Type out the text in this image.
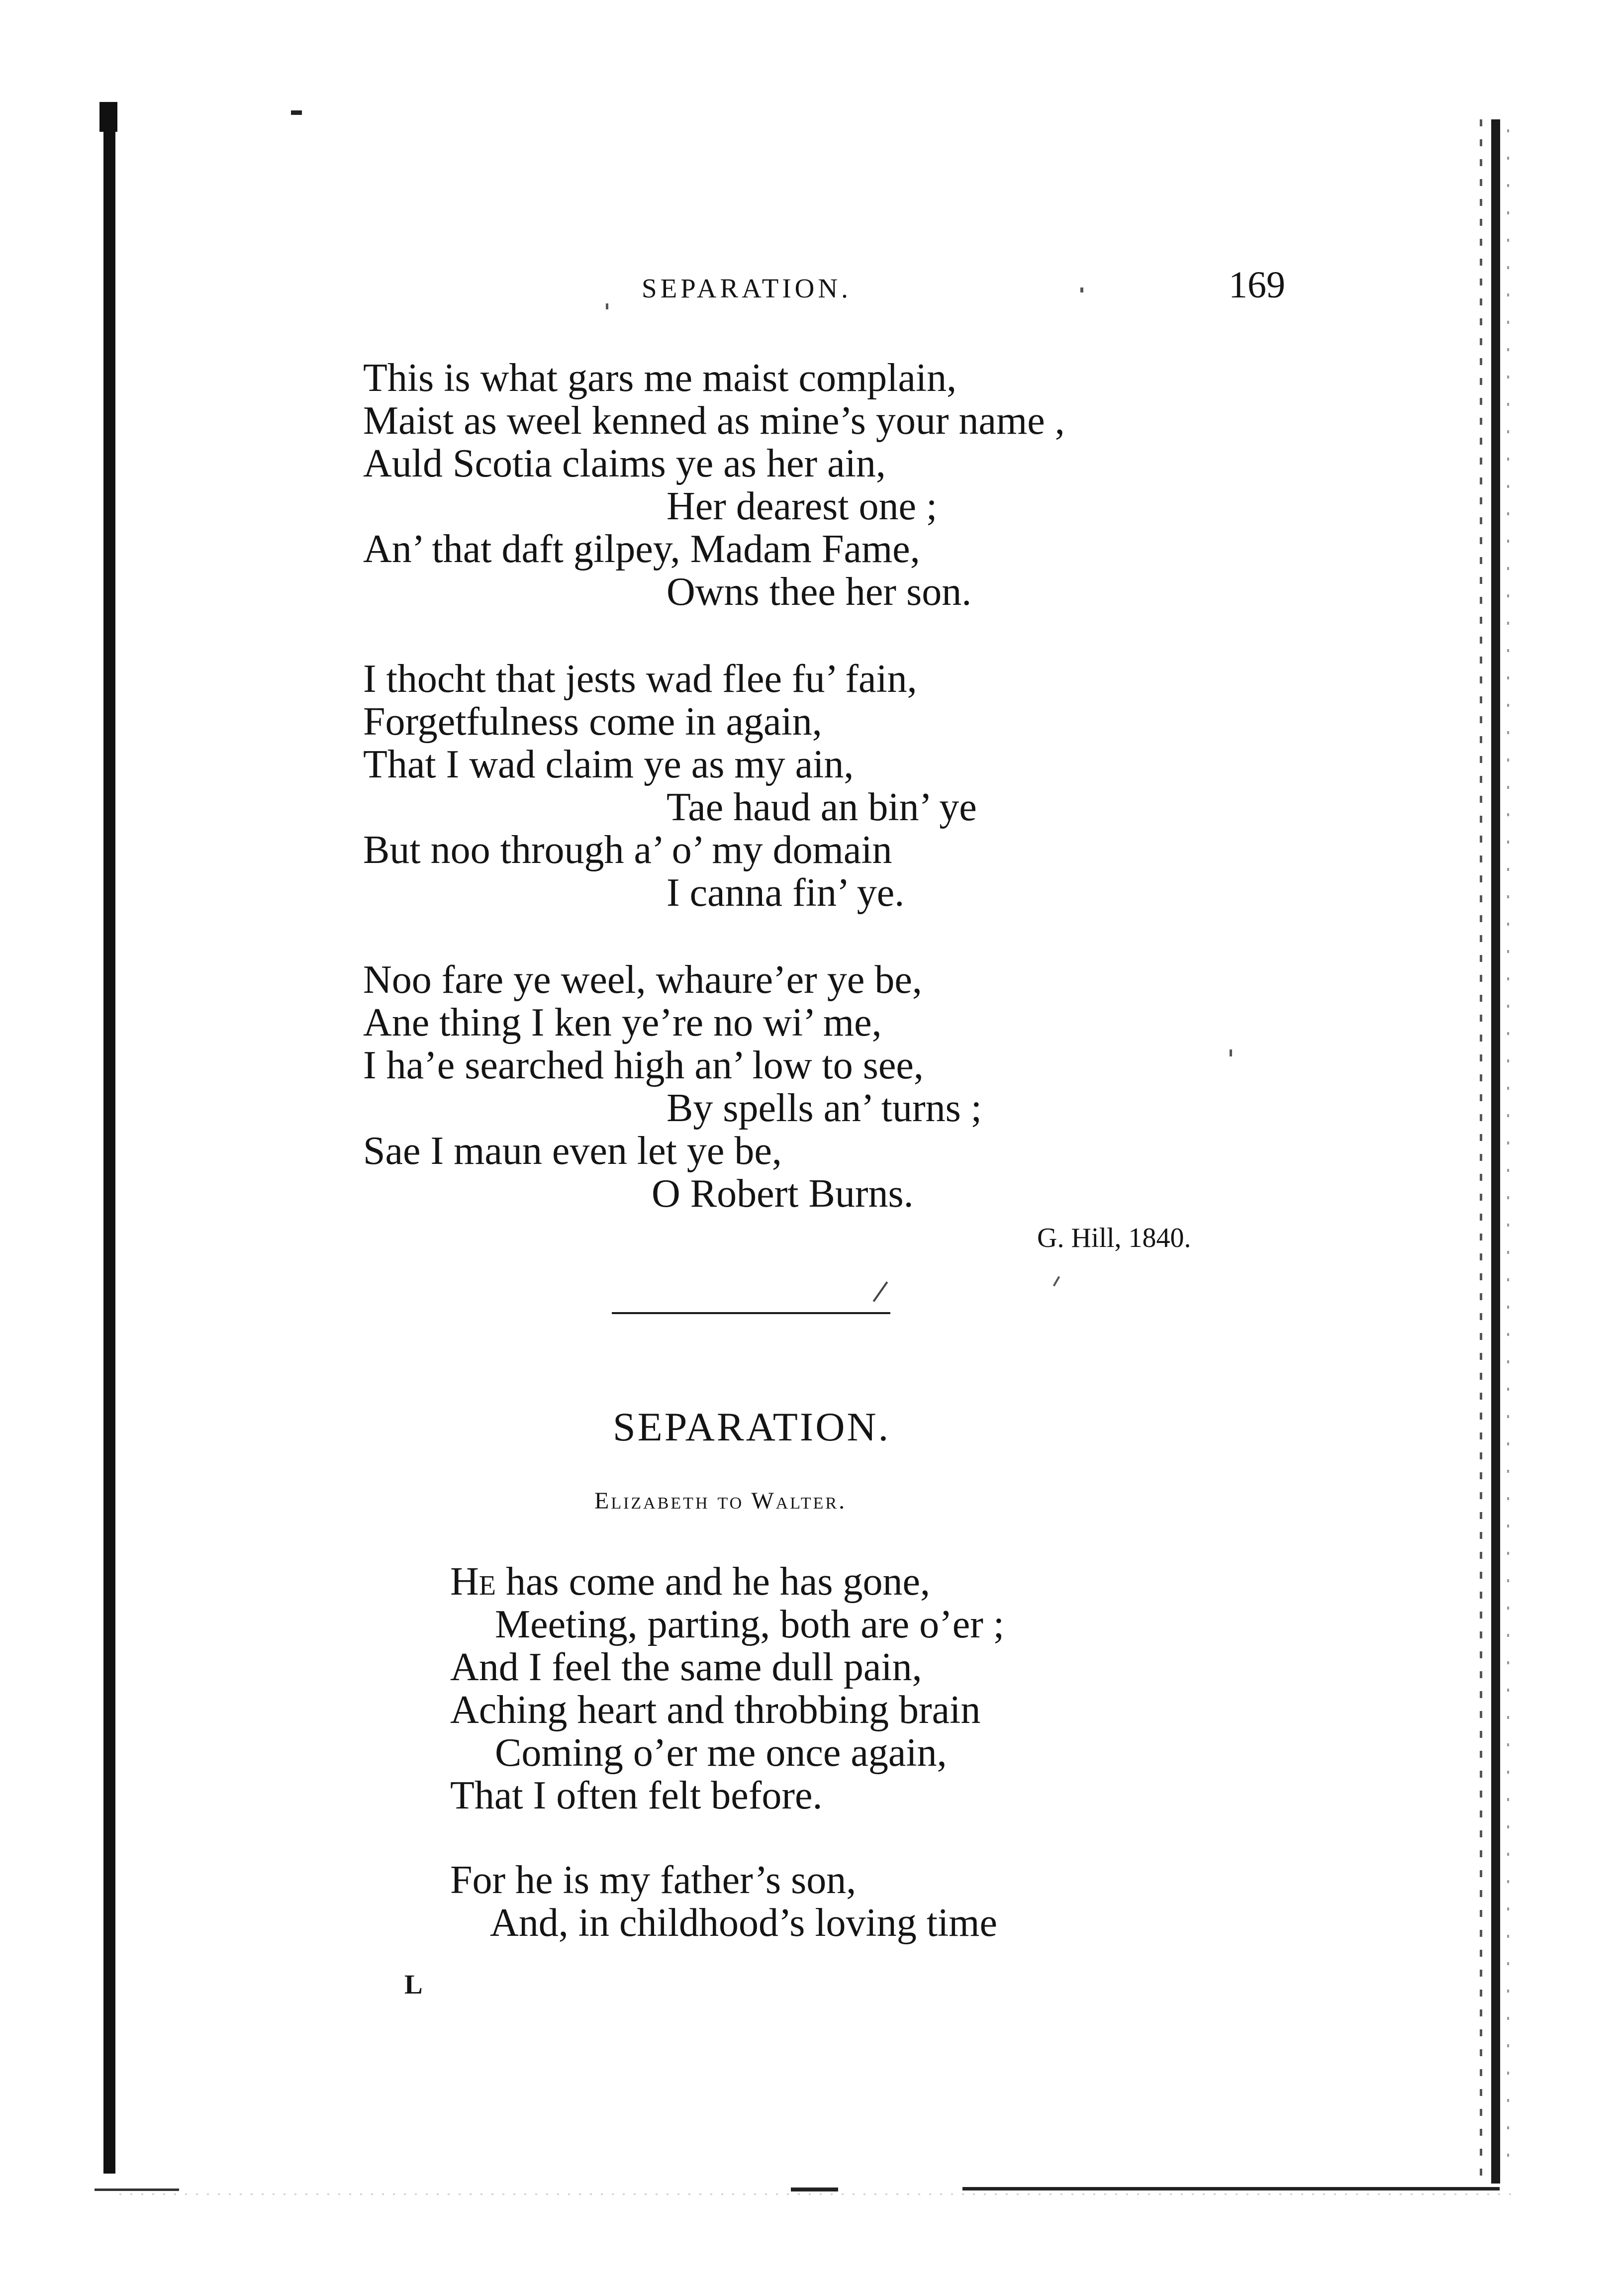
SEPARATION.	169
This is what gars me maist complain,
Maist as weel kenned as mine’s your name ,
Auld Scotia claims ye as her ain,
Her dearest one ;
An’ that daft gilpey, Madam Fame,
Owns thee her son.
I thocht that jests wad flee fu’ fain,
Forgetfulness come in again,
That I wad claim ye as my ain,
Tae haud an bin’ ye
But noo through a’ o’ my domain
I canna fin’ ye.
Noo fare ye weel, whaure’er ye be,
Ane thing I ken ye’re no wi’ me,
I ha’e searched high an’ low to see,
By spells an’ turns ;
Sae I maun even let ye be,
O Robert Burns.
G. Hill, 1840.
SEPARATION.
Elizabeth to Walter.
He has come and he has gone,
Meeting, parting, both are o’er ;
And I feel the same dull pain,
Aching heart and throbbing brain
Coming o’er me once again,
That I often felt before.
For he is my father’s son,
And, in childhood’s loving time
L
